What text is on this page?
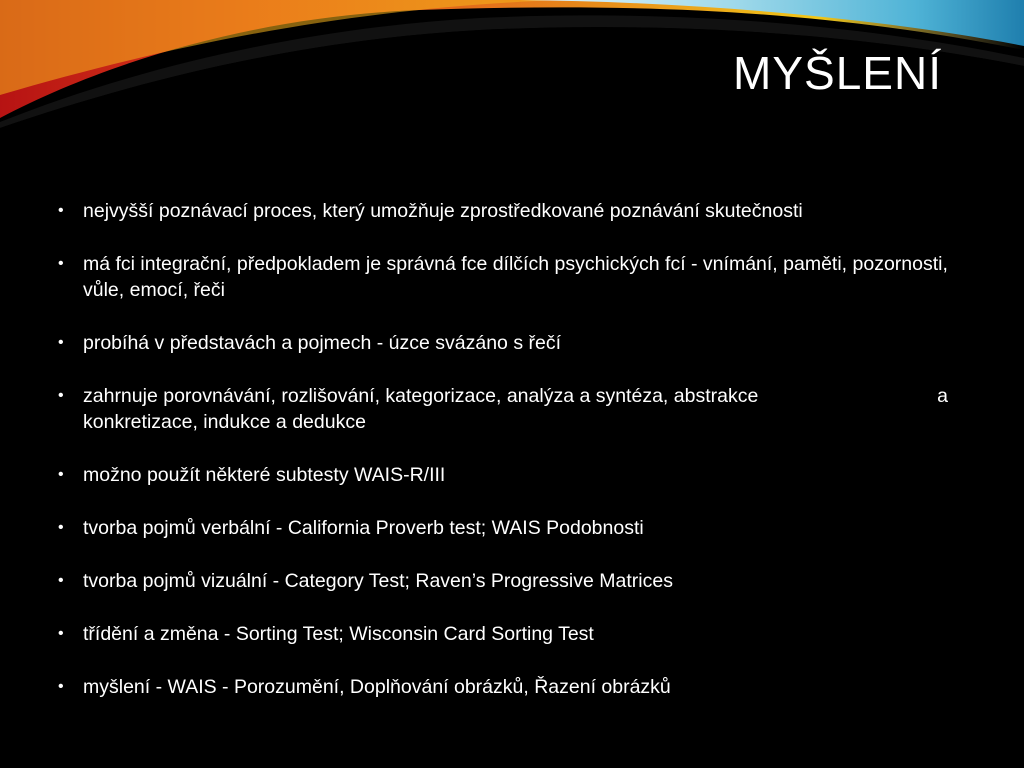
MYŠLENÍ
• nejvyšší poznávací proces, který umožňuje zprostředkované poznávání skutečnosti
• má fci integrační, předpokladem je správná fce dílčích psychických fcí - vnímání, paměti, pozornosti, vůle, emocí, řeči
• probíhá v představách a pojmech - úzce svázáno s řečí
•	a
zahrnuje porovnávání, rozlišování, kategorizace, analýza a syntéza, abstrakce
konkretizace, indukce a dedukce
• možno použít některé subtesty WAIS-R/III
• tvorba pojmů verbální - California Proverb test; WAIS Podobnosti
• tvorba pojmů vizuální - Category Test; Raven’s Progressive Matrices
• třídění a změna - Sorting Test; Wisconsin Card Sorting Test
• myšlení - WAIS - Porozumění, Doplňování obrázků, Řazení obrázků
